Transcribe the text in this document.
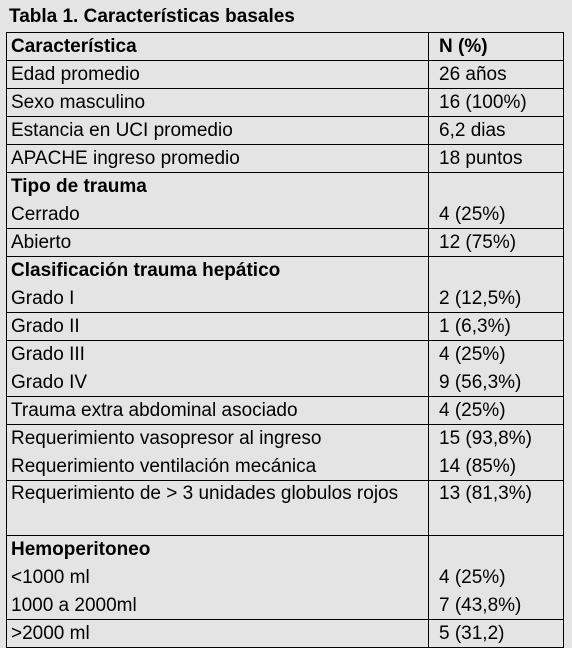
Tabla 1. Características basales
Característica	N (%)
Edad promedio	26 años
Sexo masculino	16 (100%)
Estancia en UCI promedio	6,2 dias
APACHE ingreso promedio	18 puntos
Tipo de trauma	
Cerrado	4 (25%)
Abierto	12 (75%)
Clasificación trauma hepático	
Grado I	2 (12,5%)
Grado II	1 (6,3%)
Grado III	4 (25%)
Grado IV	9 (56,3%)
Trauma extra abdominal asociado	4 (25%)
Requerimiento vasopresor al ingreso	15 (93,8%)
Requerimiento ventilación mecánica	14 (85%)
Requerimiento de > 3 unidades globulos rojos	13 (81,3%)
Hemoperitoneo	
<1000 ml	4 (25%)
1000 a 2000ml	7 (43,8%)
>2000 ml	5 (31,2)
